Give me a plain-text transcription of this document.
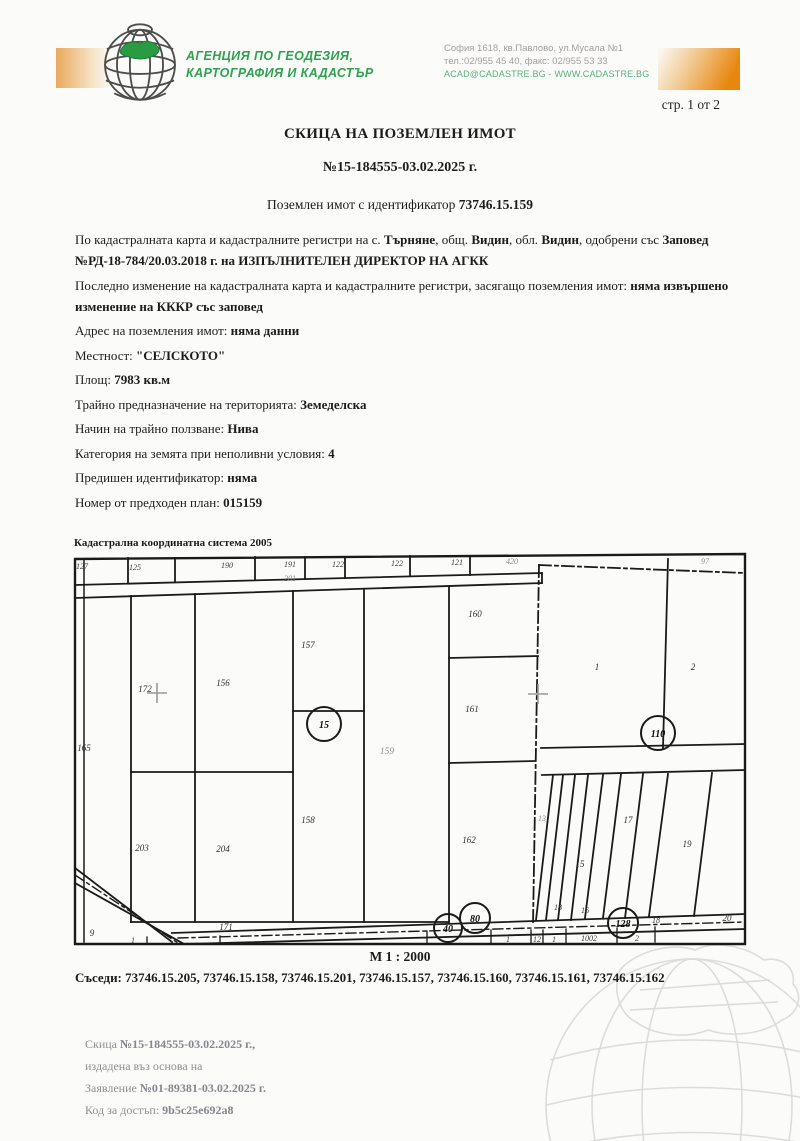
АГЕНЦИЯ ПО ГЕОДЕЗИЯ,
КАРТОГРАФИЯ И КАДАСТЪР
София 1618, кв.Павлово, ул.Мусала №1
тел.:02/955 45 40, факс: 02/955 53 33
ACAD@CADASTRE.BG - WWW.CADASTRE.BG
стр. 1 от 2
СКИЦА НА ПОЗЕМЛЕН ИМОТ
№15-184555-03.02.2025 г.
Поземлен имот с идентификатор 73746.15.159

По кадастралната карта и кадастралните регистри на с. Търняне, общ. Видин, обл. Видин, одобрени със Заповед №РД-18-784/20.03.2018 г. на ИЗПЪЛНИТЕЛЕН ДИРЕКТОР НА АГКК

Последно изменение на кадастралната карта и кадастралните регистри, засягащо поземления имот: няма извършено изменение на КККР със заповед

Адрес на поземления имот: няма данни

Местност: "СЕЛСКОТО"

Площ: 7983 кв.м

Трайно предназначение на територията: Земеделска

Начин на трайно ползване: Нива

Категория на земята при неполивни условия: 4

Предишен идентификатор: няма

Номер от предходен план: 015159

Кадастрална координатна система 2005
127	125	190	191	122	122	121	420	97
201
165
172
156
157
158
159
160
161
162
203	204
171
9
1	2
13	17
15
19
18 16
18	20
15
110
80	128
40
1	1	12 1	1002	2
М 1 : 2000
Съседи: 73746.15.205, 73746.15.158, 73746.15.201, 73746.15.157, 73746.15.160, 73746.15.161, 73746.15.162
Скица №15-184555-03.02.2025 г.,
издадена въз основа на
Заявление №01-89381-03.02.2025 г.
Код за достъп: 9b5c25e692a8
